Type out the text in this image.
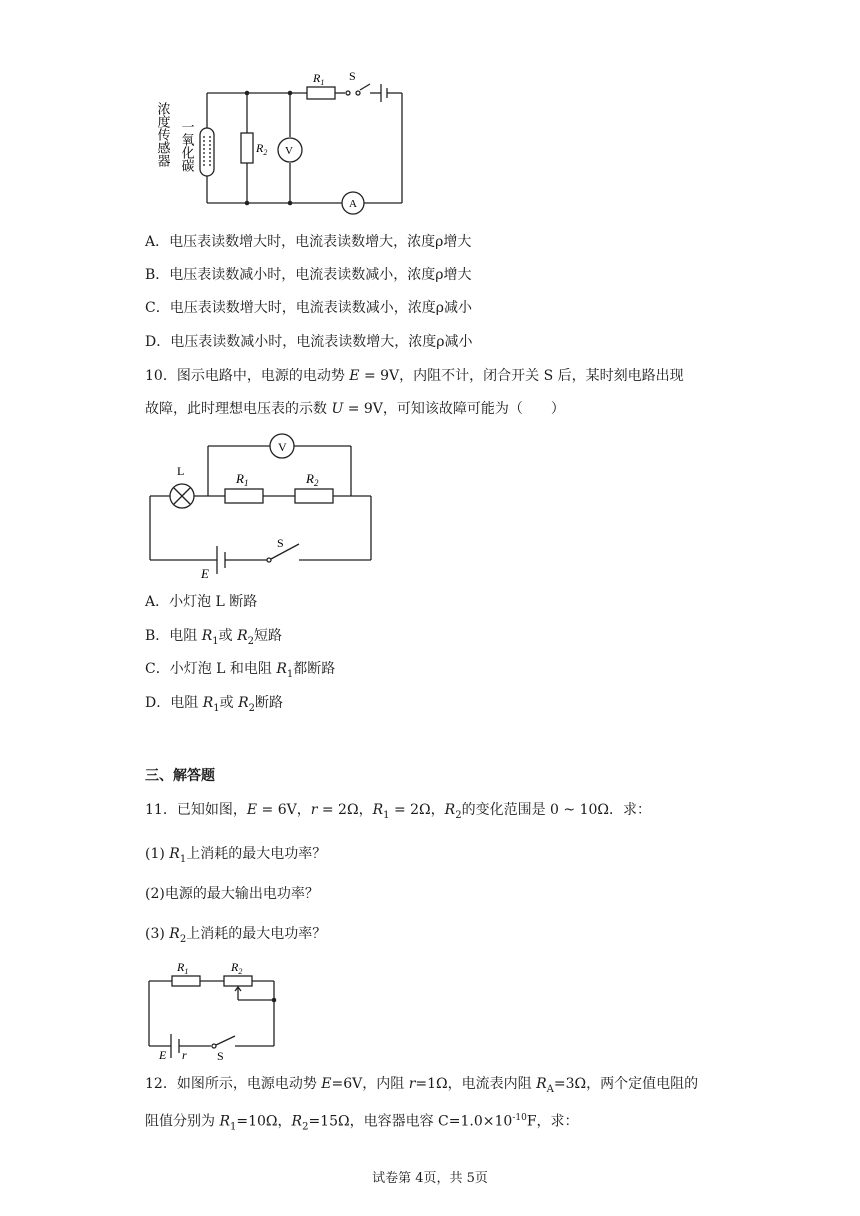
$R_1$ S
$R_2$ V
A
一氧化碳
浓度传感器
A．电压表读数增大时，电流表读数增大，浓度ρ增大
B．电压表读数减小时，电流表读数减小，浓度ρ增大
C．电压表读数增大时，电流表读数减小，浓度ρ减小
D．电压表读数减小时，电流表读数增大，浓度ρ减小
10．图示电路中，电源的电动势 E = 9V，内阻不计，闭合开关 S 后，某时刻电路出现
故障，此时理想电压表的示数 U = 9V，可知该故障可能为（　　）
V
L	$R_1$	$R_2$
S
E
A．小灯泡 L 断路
B．电阻 $R_1$或 $R_2$短路
C．小灯泡 L 和电阻 $R_1$都断路
D．电阻 $R_1$或 $R_2$断路
三、解答题
11．已知如图，E = 6V，r = 2Ω，$R_1 = 2\Omega$，$R_2$的变化范围是 0 ~ 10Ω．求：
(1) $R_1$上消耗的最大电功率？
(2)电源的最大输出电功率？
(3) $R_2$上消耗的最大电功率？
$R_1$	$R_2$
E r	S
12．如图所示，电源电动势 E=6V，内阻 r=1Ω，电流表内阻 $R_A=3\Omega$，两个定值电阻的
阻值分别为 $R_1=10\Omega$，$R_2=15\Omega$，电容器电容 $C=1.0\times 10^{-10}F$，求：
试卷第 4页，共 5页
